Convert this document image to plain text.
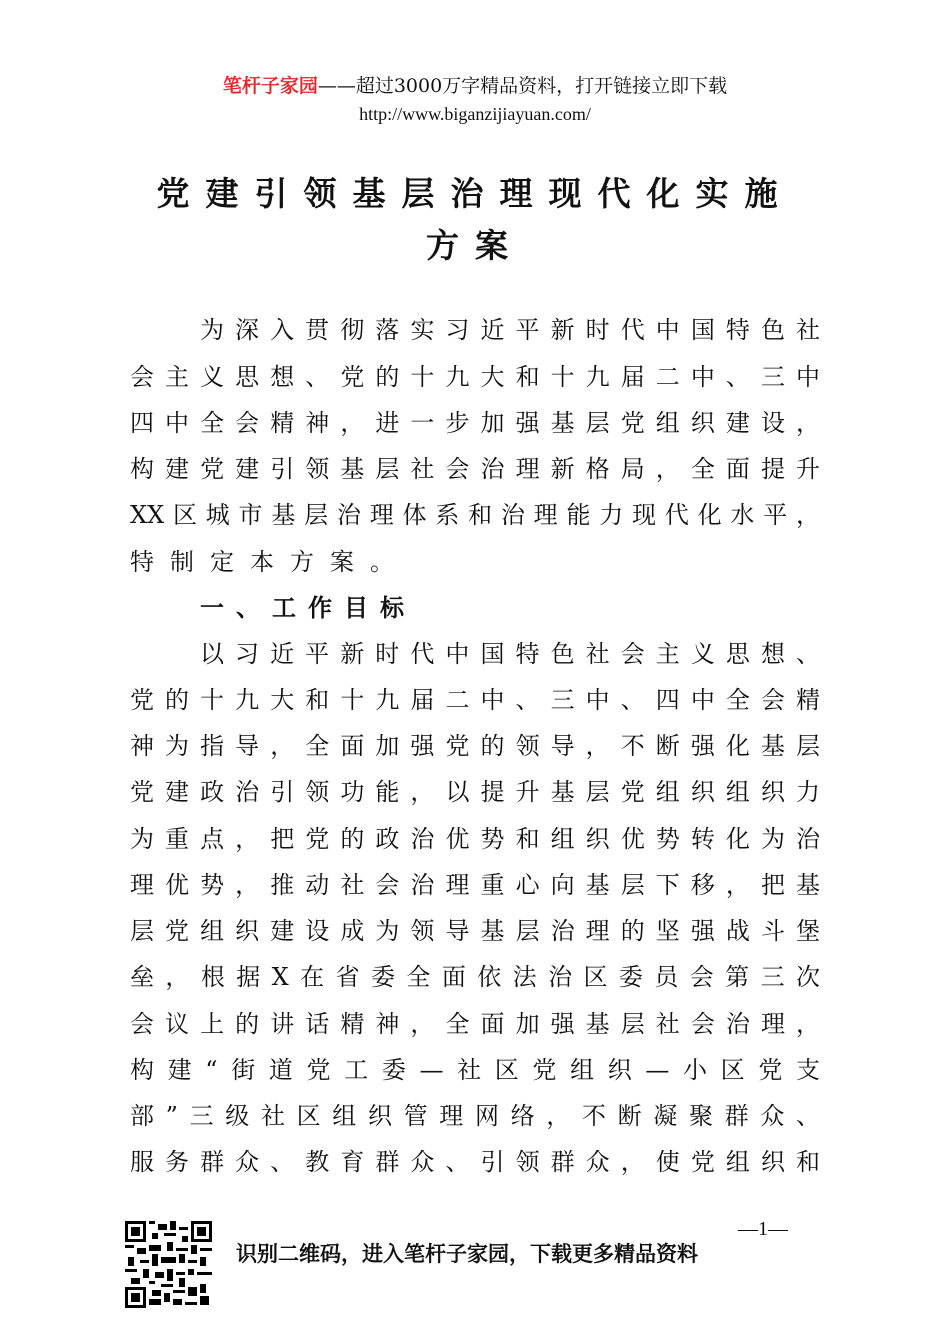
笔杆子家园——超过3000万字精品资料，打开链接立即下载
http://www.biganzijiayuan.com/
党建引领基层治理现代化实施
方案
为深入贯彻落实习近平新时代中国特色社
会主义思想、党的十九大和十九届二中、三中
四中全会精神，进一步加强基层党组织建设，
构建党建引领基层社会治理新格局，全面提升
XX区城市基层治理体系和治理能力现代化水平，
特制定本方案。
一、工作目标
以习近平新时代中国特色社会主义思想、
党的十九大和十九届二中、三中、四中全会精
神为指导，全面加强党的领导，不断强化基层
党建政治引领功能，以提升基层党组织组织力
为重点，把党的政治优势和组织优势转化为治
理优势，推动社会治理重心向基层下移，把基
层党组织建设成为领导基层治理的坚强战斗堡
垒，根据X在省委全面依法治区委员会第三次
会议上的讲话精神，全面加强基层社会治理，
构建“街道党工委—社区党组织—小区党支
部”三级社区组织管理网络，不断凝聚群众、
服务群众、教育群众、引领群众，使党组织和
—1—
识别二维码，进入笔杆子家园，下载更多精品资料
